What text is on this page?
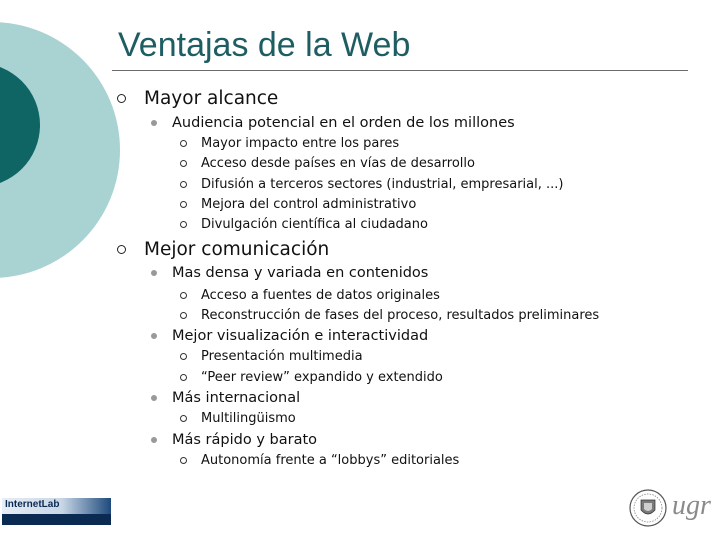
Ventajas de la Web
Mayor alcance
Audiencia potencial en el orden de los millones
Mayor impacto entre los pares
Acceso desde países en vías de desarrollo
Difusión a terceros sectores (industrial, empresarial, ...)
Mejora del control administrativo
Divulgación científica al ciudadano
Mejor comunicación
Mas densa y variada en contenidos
Acceso a fuentes de datos originales
Reconstrucción de fases del proceso, resultados preliminares
Mejor visualización e interactividad
Presentación multimedia
“Peer review” expandido y extendido
Más internacional
Multilingüismo
Más rápido y barato
Autonomía frente a “lobbys” editoriales
InternetLab	ugr
